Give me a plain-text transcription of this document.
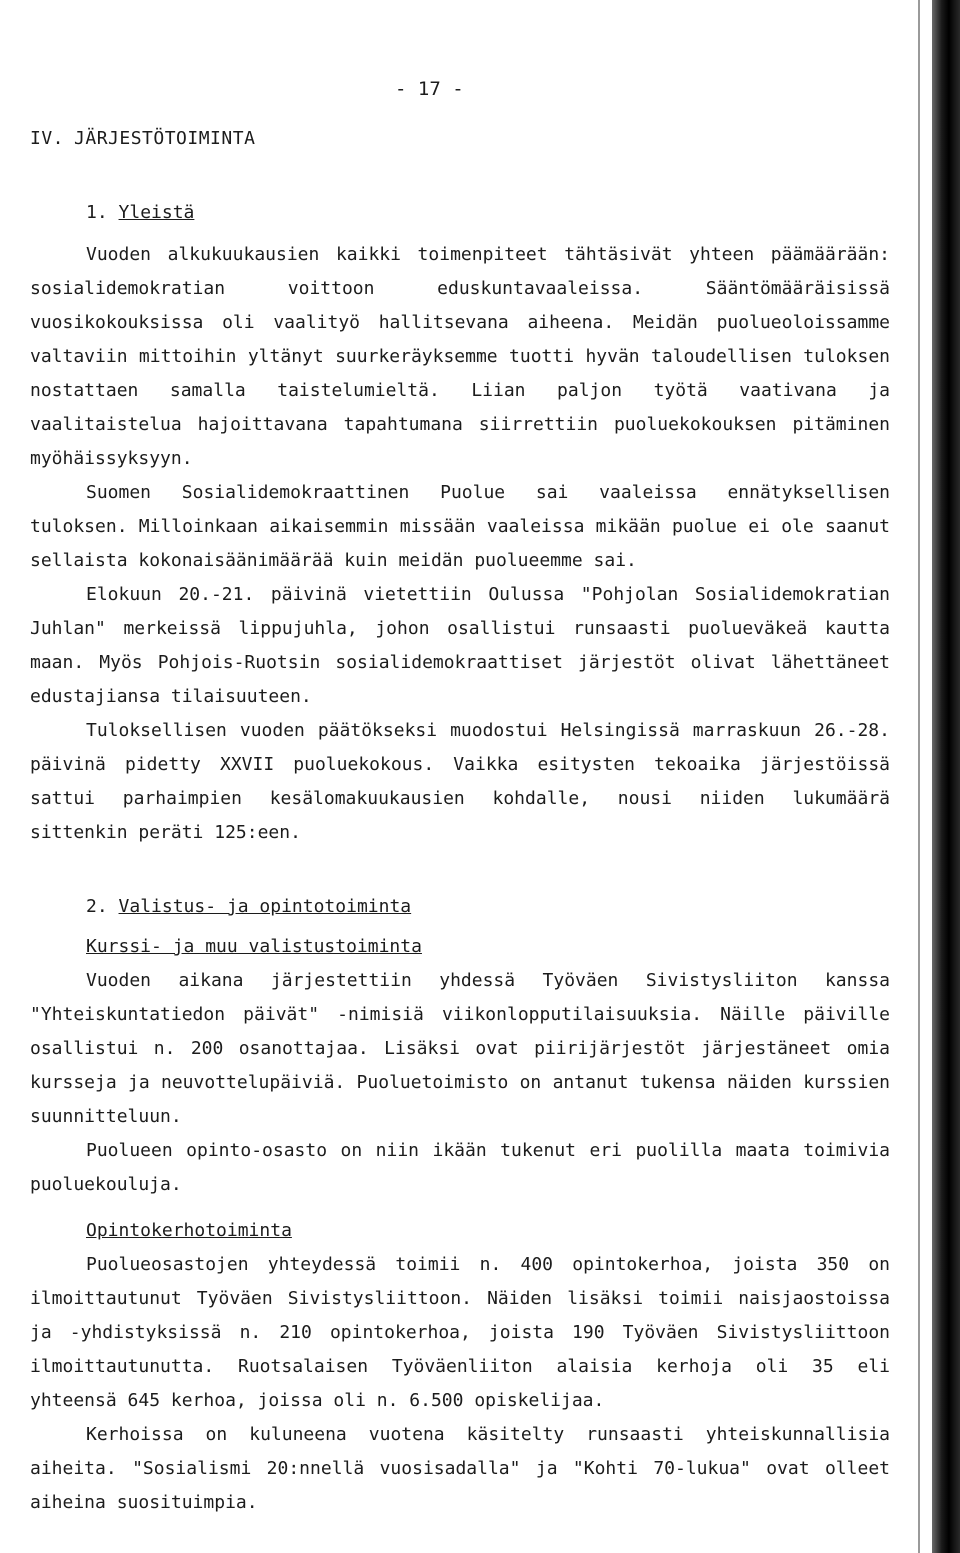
- 17 -
IV. JÄRJESTÖTOIMINTA
1. Yleistä

Vuoden alkukuukausien kaikki toimenpiteet tähtäsivät yhteen päämäärään: sosialidemokratian voittoon eduskuntavaaleissa. Sääntömääräisissä vuosikokouksissa oli vaalityö hallitsevana aiheena. Meidän puolueoloissamme valtaviin mittoihin yltänyt suurkeräyksemme tuotti hyvän taloudellisen tuloksen nostattaen samalla taistelumieltä. Liian paljon työtä vaativana ja vaalitaistelua hajoittavana tapahtumana siirrettiin puoluekokouksen pitäminen myöhäissyksyyn.

Suomen Sosialidemokraattinen Puolue sai vaaleissa ennätyksellisen tuloksen. Milloinkaan aikaisemmin missään vaaleissa mikään puolue ei ole saanut sellaista kokonaisäänimäärää kuin meidän puolueemme sai.

Elokuun 20.-21. päivinä vietettiin Oulussa "Pohjolan Sosialidemokratian Juhlan" merkeissä lippujuhla, johon osallistui runsaasti puolueväkeä kautta maan. Myös Pohjois-Ruotsin sosialidemokraattiset järjestöt olivat lähettäneet edustajiansa tilaisuuteen.

Tuloksellisen vuoden päätökseksi muodostui Helsingissä marraskuun 26.-28. päivinä pidetty XXVII puoluekokous. Vaikka esitysten tekoaika järjestöissä sattui parhaimpien kesälomakuukausien kohdalle, nousi niiden lukumäärä sittenkin peräti 125:een.

2. Valistus- ja opintotoiminta
Kurssi- ja muu valistustoiminta

Vuoden aikana järjestettiin yhdessä Työväen Sivistysliiton kanssa "Yhteiskuntatiedon päivät" -nimisiä viikonlopputilaisuuksia. Näille päiville osallistui n. 200 osanottajaa. Lisäksi ovat piirijärjestöt järjestäneet omia kursseja ja neuvottelupäiviä. Puoluetoimisto on antanut tukensa näiden kurssien suunnitteluun.

Puolueen opinto-osasto on niin ikään tukenut eri puolilla maata toimivia puoluekouluja.

Opintokerhotoiminta

Puolueosastojen yhteydessä toimii n. 400 opintokerhoa, joista 350 on ilmoittautunut Työväen Sivistysliittoon. Näiden lisäksi toimii naisjaostoissa ja -yhdistyksissä n. 210 opintokerhoa, joista 190 Työväen Sivistysliittoon ilmoittautunutta. Ruotsalaisen Työväenliiton alaisia kerhoja oli 35 eli yhteensä 645 kerhoa, joissa oli n. 6.500 opiskelijaa.

Kerhoissa on kuluneena vuotena käsitelty runsaasti yhteiskunnallisia aiheita. "Sosialismi 20:nnellä vuosisadalla" ja "Kohti 70-lukua" ovat olleet aiheina suosituimpia.
